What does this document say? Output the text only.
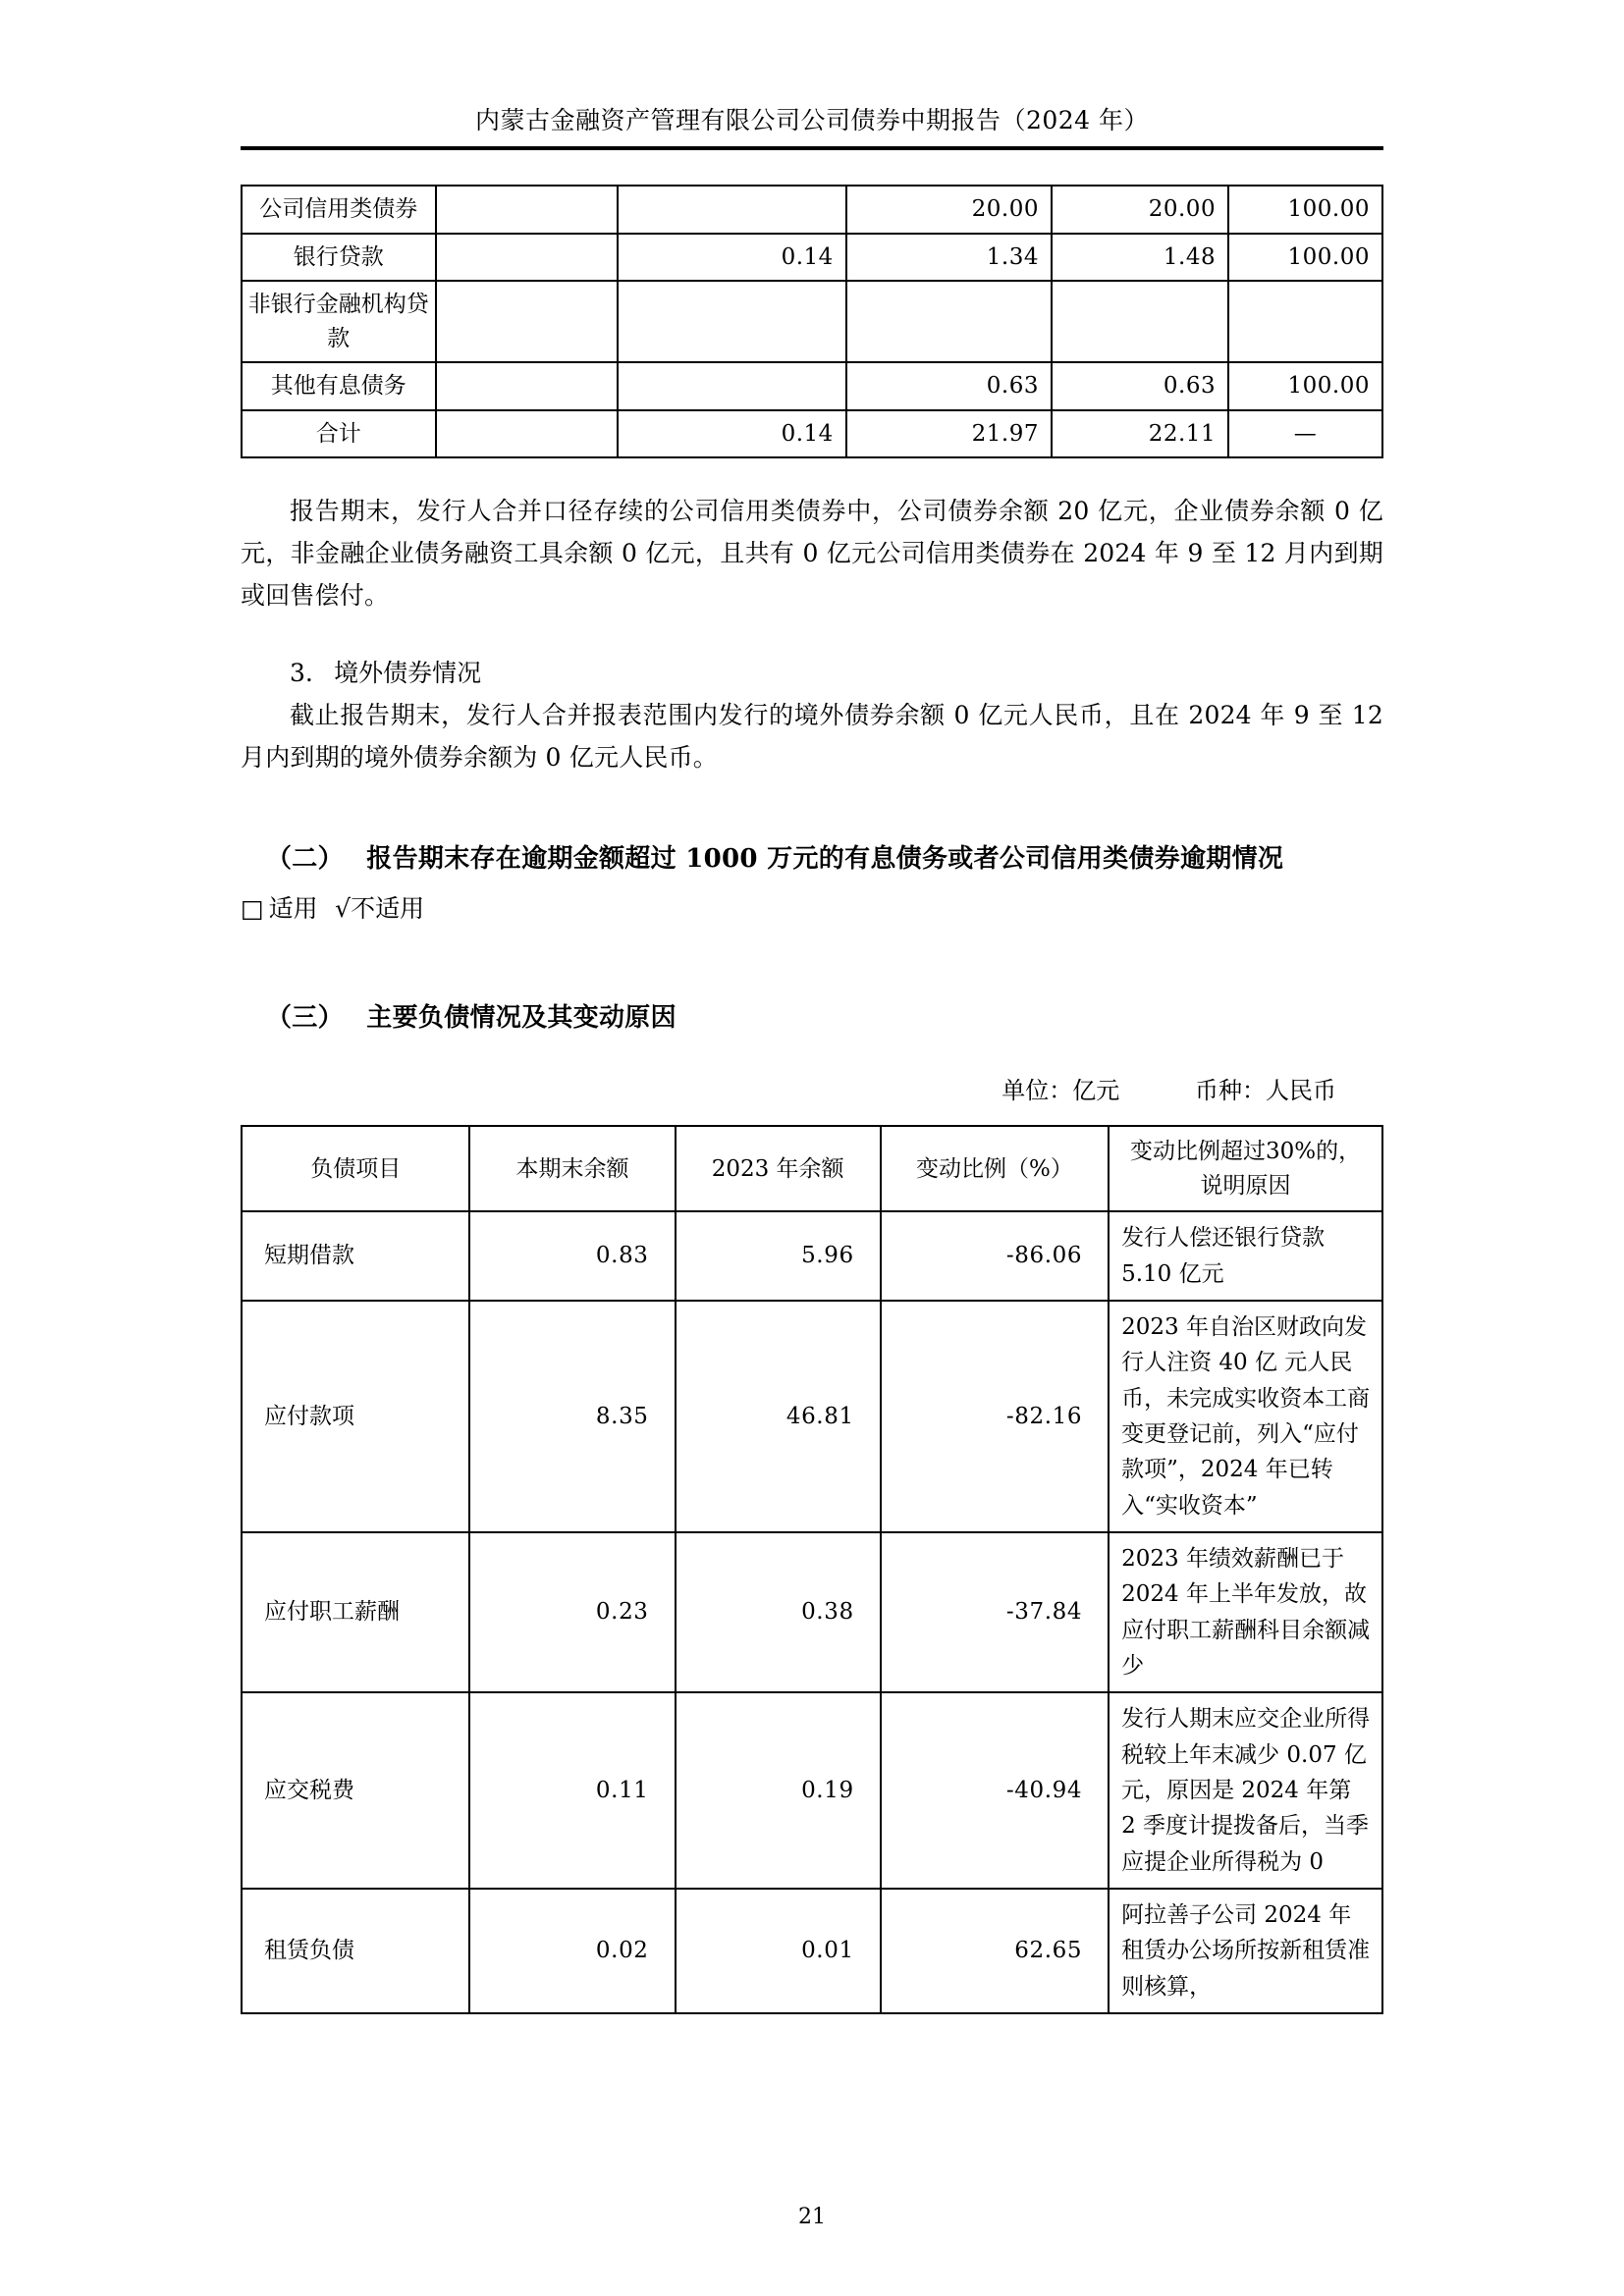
内蒙古金融资产管理有限公司公司债券中期报告（2024 年）
公司信用类债券			20.00	20.00	100.00
银行贷款		0.14	1.34	1.48	100.00
非银行金融机构贷款					
其他有息债务			0.63	0.63	100.00
合计		0.14	21.97	22.11	—

报告期末，发行人合并口径存续的公司信用类债券中，公司债券余额 20 亿元，企业债券余额 0 亿元，非金融企业债务融资工具余额 0 亿元，且共有 0 亿元公司信用类债券在 2024 年 9 至 12 月内到期或回售偿付。

3. 境外债券情况

截止报告期末，发行人合并报表范围内发行的境外债券余额 0 亿元人民币，且在 2024 年 9 至 12 月内到期的境外债券余额为 0 亿元人民币。

（二） 报告期末存在逾期金额超过 1000 万元的有息债务或者公司信用类债券逾期情况

□ 适用 √不适用

（三） 主要负债情况及其变动原因

单位：亿元	币种：人民币

负债项目	本期末余额	2023 年余额	变动比例（%）	变动比例超过30%的，说明原因
短期借款	0.83	5.96	-86.06	发行人偿还银行贷款 5.10 亿元
应付款项	8.35	46.81	-82.16	2023 年自治区财政向发行人注资 40 亿 元人民币，未完成实收资本工商变更登记前，列入“应付款项”，2024 年已转入“实收资本”
应付职工薪酬	0.23	0.38	-37.84	2023 年绩效薪酬已于 2024 年上半年发放，故应付职工薪酬科目余额减少
应交税费	0.11	0.19	-40.94	发行人期末应交企业所得税较上年末减少 0.07 亿元，原因是 2024 年第 2 季度计提拨备后，当季应提企业所得税为 0
租赁负债	0.02	0.01	62.65	阿拉善子公司 2024 年租赁办公场所按新租赁准则核算，
21
